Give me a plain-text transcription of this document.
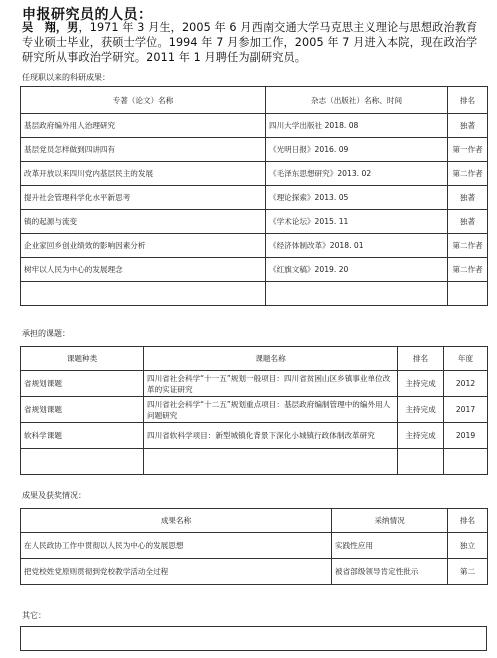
申报研究员的人员：
吴　翔，男，1971 年 3 月生，2005 年 6 月西南交通大学马克思主义理论与思想政治教育专业硕士毕业，获硕士学位。1994 年 7 月参加工作，2005 年 7 月进入本院，现在政治学研究所从事政治学研究。2011 年 1 月聘任为副研究员。
任现职以来的科研成果：
专著（论文）名称	杂志（出版社）名称、时间	排名
基层政府编外用人治理研究	四川大学出版社 2018. 08	独著
基层党员怎样做到四讲四有	《光明日报》2016. 09	第一作者
改革开放以来四川党内基层民主的发展	《毛泽东思想研究》2013. 02	第二作者
提升社会管理科学化水平新思考	《理论探索》2013. 05	独著
镇的起源与流变	《学术论坛》2015. 11	独著
企业家回乡创业绩效的影响因素分析	《经济体制改革》2018. 01	第二作者
树牢以人民为中心的发展理念	《红旗文稿》2019. 20	第二作者

承担的课题：
课题种类	课题名称	排名	年度
省规划课题	四川省社会科学“十一五”规划一般项目：四川省贫困山区乡镇事业单位改革的实证研究	主持完成	2012
省规划课题	四川省社会科学“十二五”规划重点项目：基层政府编制管理中的编外用人问题研究	主持完成	2017
软科学课题	四川省软科学项目：新型城镇化背景下深化小城镇行政体制改革研究	主持完成	2019

成果及获奖情况：
成果名称	采纳情况	排名
在人民政协工作中贯彻以人民为中心的发展思想	实践性应用	独立
把党校姓党原则贯彻到党校教学活动全过程	被省部级领导肯定性批示	第二
其它：
